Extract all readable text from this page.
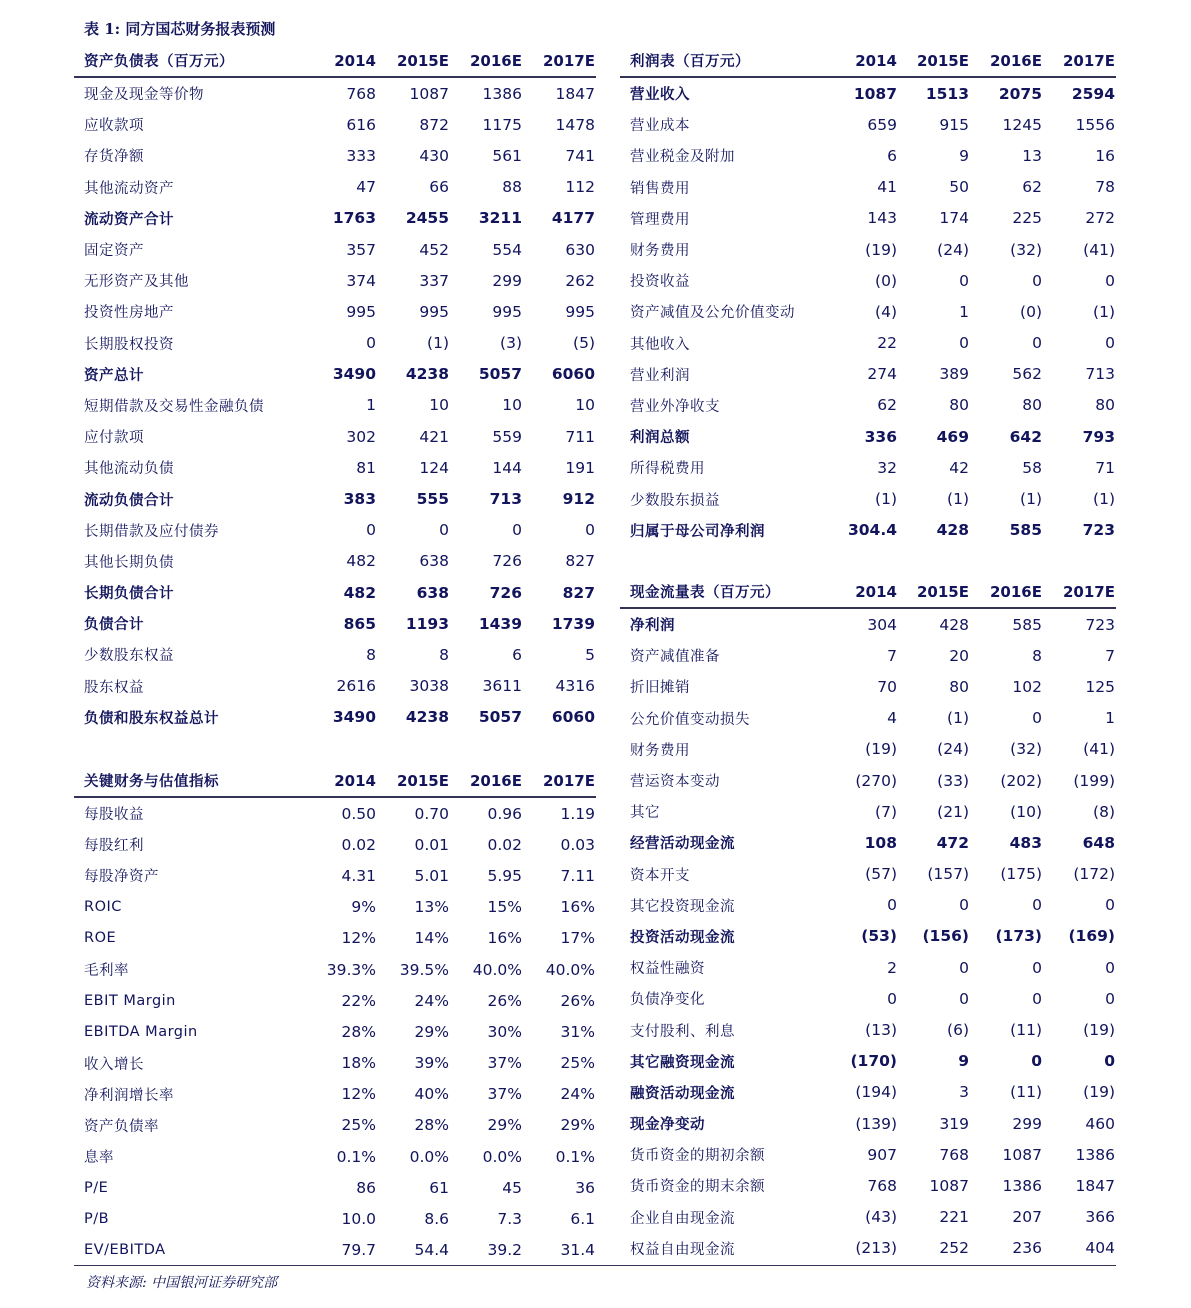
表 1: 同方国芯财务报表预测
资产负债表（百万元）	2014	2015E	2016E	2017E
现金及现金等价物	768	1087	1386	1847
应收款项	616	872	1175	1478
存货净额	333	430	561	741
其他流动资产	47	66	88	112
流动资产合计	1763	2455	3211	4177
固定资产	357	452	554	630
无形资产及其他	374	337	299	262
投资性房地产	995	995	995	995
长期股权投资	0	(1)	(3)	(5)
资产总计	3490	4238	5057	6060
短期借款及交易性金融负债	1	10	10	10
应付款项	302	421	559	711
其他流动负债	81	124	144	191
流动负债合计	383	555	713	912
长期借款及应付债券	0	0	0	0
其他长期负债	482	638	726	827
长期负债合计	482	638	726	827
负债合计	865	1193	1439	1739
少数股东权益	8	8	6	5
股东权益	2616	3038	3611	4316
负债和股东权益总计	3490	4238	5057	6060
关键财务与估值指标	2014	2015E	2016E	2017E
每股收益	0.50	0.70	0.96	1.19
每股红利	0.02	0.01	0.02	0.03
每股净资产	4.31	5.01	5.95	7.11
ROIC	9%	13%	15%	16%
ROE	12%	14%	16%	17%
毛利率	39.3%	39.5%	40.0%	40.0%
EBIT Margin	22%	24%	26%	26%
EBITDA Margin	28%	29%	30%	31%
收入增长	18%	39%	37%	25%
净利润增长率	12%	40%	37%	24%
资产负债率	25%	28%	29%	29%
息率	0.1%	0.0%	0.0%	0.1%
P/E	86	61	45	36
P/B	10.0	8.6	7.3	6.1
EV/EBITDA	79.7	54.4	39.2	31.4
利润表（百万元）	2014	2015E	2016E	2017E
营业收入	1087	1513	2075	2594
营业成本	659	915	1245	1556
营业税金及附加	6	9	13	16
销售费用	41	50	62	78
管理费用	143	174	225	272
财务费用	(19)	(24)	(32)	(41)
投资收益	(0)	0	0	0
资产减值及公允价值变动	(4)	1	(0)	(1)
其他收入	22	0	0	0
营业利润	274	389	562	713
营业外净收支	62	80	80	80
利润总额	336	469	642	793
所得税费用	32	42	58	71
少数股东损益	(1)	(1)	(1)	(1)
归属于母公司净利润	304.4	428	585	723
现金流量表（百万元）	2014	2015E	2016E	2017E
净利润	304	428	585	723
资产减值准备	7	20	8	7
折旧摊销	70	80	102	125
公允价值变动损失	4	(1)	0	1
财务费用	(19)	(24)	(32)	(41)
营运资本变动	(270)	(33)	(202)	(199)
其它	(7)	(21)	(10)	(8)
经营活动现金流	108	472	483	648
资本开支	(57)	(157)	(175)	(172)
其它投资现金流	0	0	0	0
投资活动现金流	(53)	(156)	(173)	(169)
权益性融资	2	0	0	0
负债净变化	0	0	0	0
支付股利、利息	(13)	(6)	(11)	(19)
其它融资现金流	(170)	9	0	0
融资活动现金流	(194)	3	(11)	(19)
现金净变动	(139)	319	299	460
货币资金的期初余额	907	768	1087	1386
货币资金的期末余额	768	1087	1386	1847
企业自由现金流	(43)	221	207	366
权益自由现金流	(213)	252	236	404
资料来源: 中国银河证券研究部
